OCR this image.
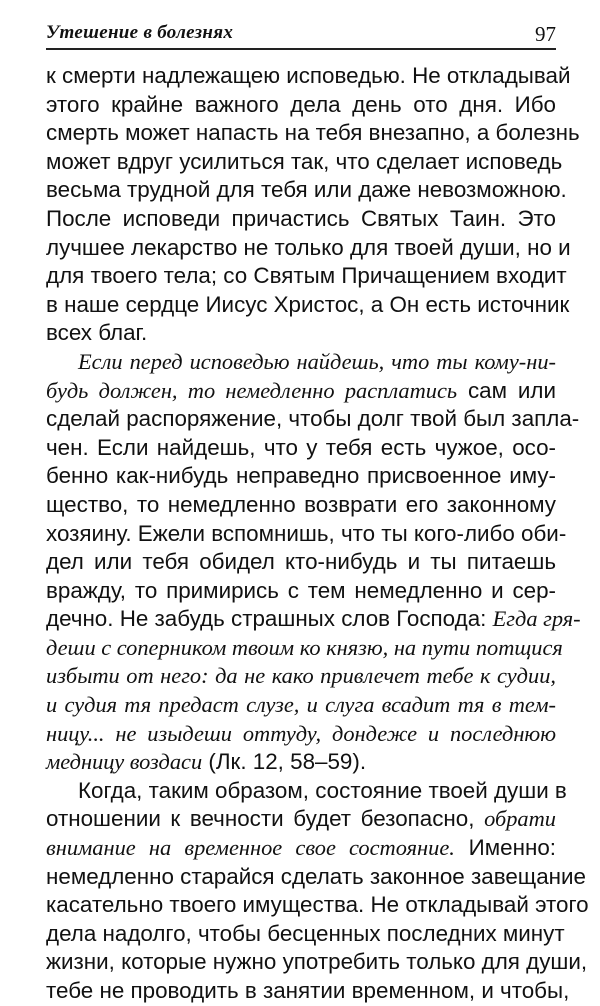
Утешение в болезнях	97
к смерти надлежащею исповедью. Не откладывай
этого крайне важного дела день ото дня. Ибо
смерть может напасть на тебя внезапно, а болезнь
может вдруг усилиться так, что сделает исповедь
весьма трудной для тебя или даже невозможною.
После исповеди причастись Святых Таин. Это
лучшее лекарство не только для твоей души, но и
для твоего тела; со Святым Причащением входит
в наше сердце Иисус Христос, а Он есть источник
всех благ.
Если перед исповедью найдешь, что ты кому-ни-
будь должен, то немедленно расплатись сам или
сделай распоряжение, чтобы долг твой был запла-
чен. Если найдешь, что у тебя есть чужое, осо-
бенно как-нибудь неправедно присвоенное иму-
щество, то немедленно возврати его законному
хозяину. Ежели вспомнишь, что ты кого-либо оби-
дел или тебя обидел кто-нибудь и ты питаешь
вражду, то примирись с тем немедленно и сер-
дечно. Не забудь страшных слов Господа: Егда гря-
деши с соперником твоим ко князю, на пути потщися
избыти от него: да не како привлечет тебе к судии,
и судия тя предаст слузе, и слуга всадит тя в тем-
ницу... не изыдеши оттуду, дондеже и последнюю
медницу воздаси (Лк. 12, 58–59).
Когда, таким образом, состояние твоей души в
отношении к вечности будет безопасно, обрати
внимание на временное свое состояние. Именно:
немедленно старайся сделать законное завещание
касательно твоего имущества. Не откладывай этого
дела надолго, чтобы бесценных последних минут
жизни, которые нужно употребить только для души,
тебе не проводить в занятии временном, и чтобы,
